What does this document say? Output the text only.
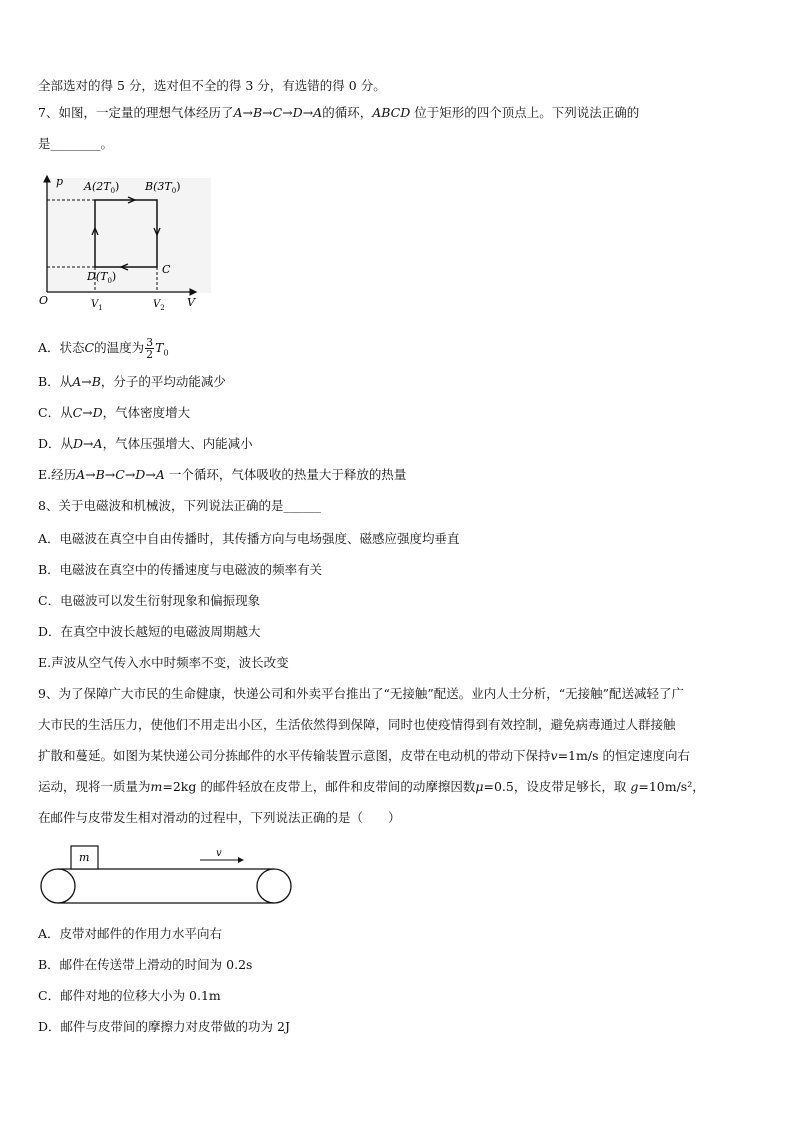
全部选对的得 5 分，选对但不全的得 3 分，有选错的得 0 分。
7、如图，一定量的理想气体经历了A→B→C→D→A的循环，ABCD 位于矩形的四个顶点上。下列说法正确的
是________。
p
V
O
$A(2T_0)$ $B(3T_0)$
C
$D(T_0)$
$V_1$	$V_2$
A．状态C的温度为 $\frac{3}{2} T_0$
B．从A→B，分子的平均动能减少
C．从C→D，气体密度增大
D．从D→A，气体压强增大、内能减小
E.经历A→B→C→D→A 一个循环，气体吸收的热量大于释放的热量
8、关于电磁波和机械波，下列说法正确的是______
A．电磁波在真空中自由传播时，其传播方向与电场强度、磁感应强度均垂直
B．电磁波在真空中的传播速度与电磁波的频率有关
C．电磁波可以发生衍射现象和偏振现象
D．在真空中波长越短的电磁波周期越大
E.声波从空气传入水中时频率不变，波长改变
9、为了保障广大市民的生命健康，快递公司和外卖平台推出了“无接触”配送。业内人士分析，“无接触”配送减轻了广
大市民的生活压力，使他们不用走出小区，生活依然得到保障，同时也使疫情得到有效控制，避免病毒通过人群接触
扩散和蔓延。如图为某快递公司分拣邮件的水平传输装置示意图，皮带在电动机的带动下保持v=1m/s 的恒定速度向右
运动，现将一质量为m=2kg 的邮件轻放在皮带上，邮件和皮带间的动摩擦因数μ=0.5，设皮带足够长，取 g=10m/s²，
在邮件与皮带发生相对滑动的过程中，下列说法正确的是（　　）
m	v
A．皮带对邮件的作用力水平向右
B．邮件在传送带上滑动的时间为 0.2s
C．邮件对地的位移大小为 0.1m
D．邮件与皮带间的摩擦力对皮带做的功为 2J
